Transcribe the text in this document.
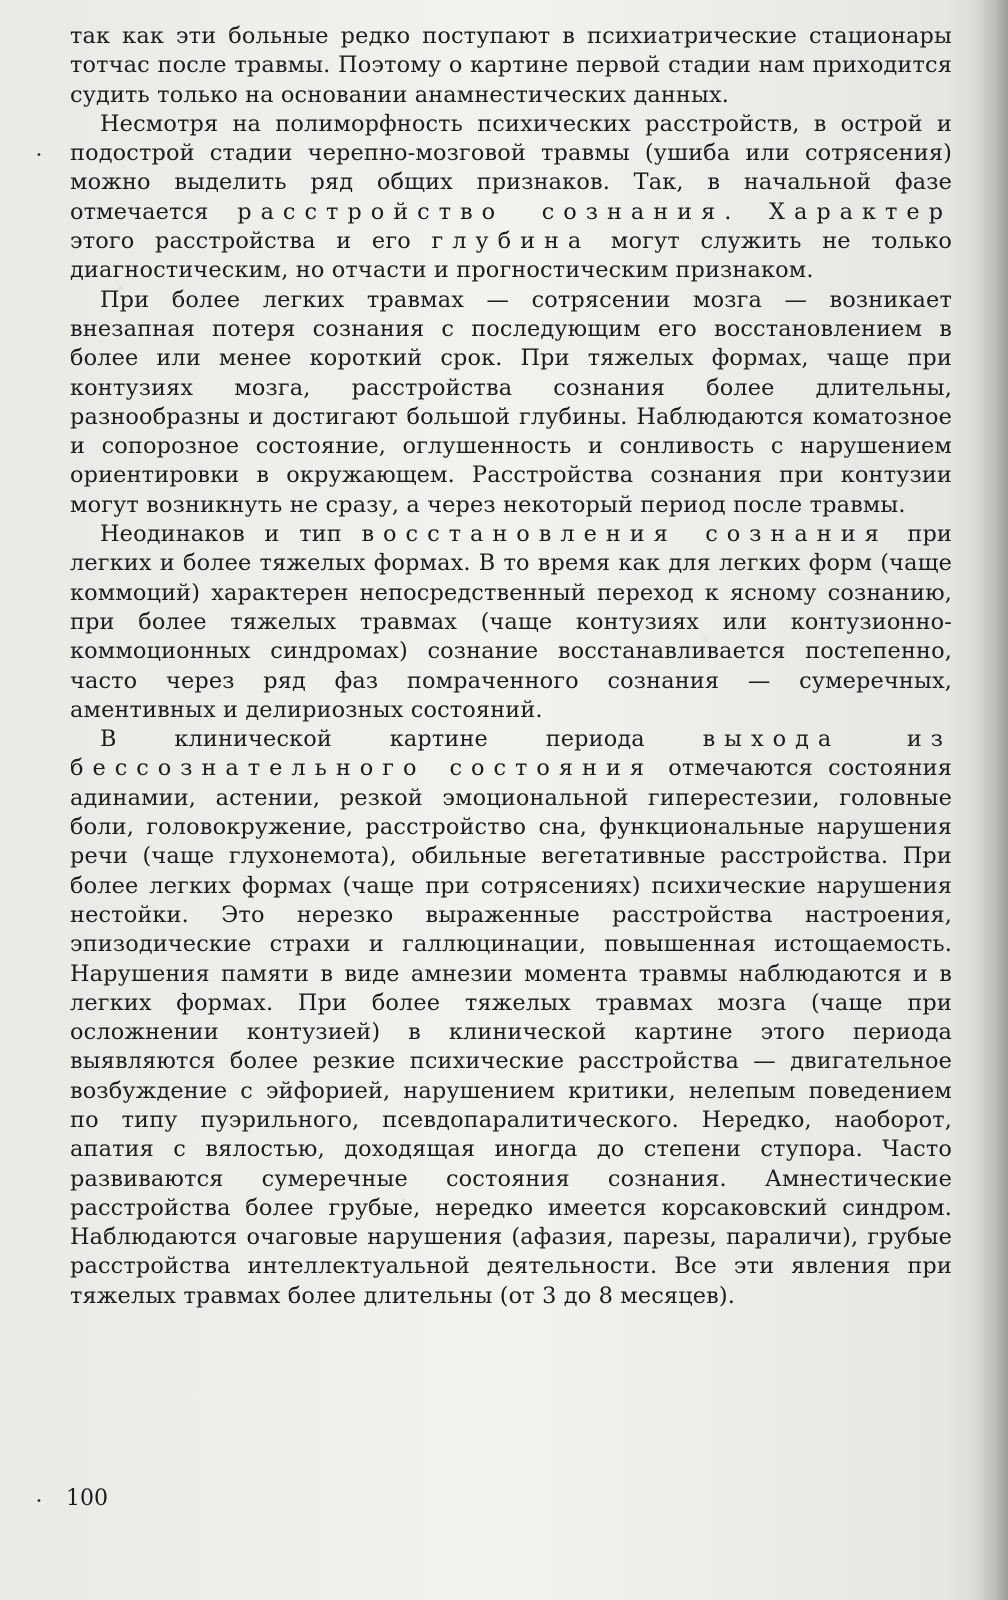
•

так как эти больные редко поступают в психиатрические стационары тотчас после травмы. Поэтому о картине первой стадии нам приходится судить только на основании анамнестических данных.

Несмотря на полиморфность психических расстройств, в острой и подострой стадии черепно-мозговой травмы (ушиба или сотрясения) можно выделить ряд общих признаков. Так, в начальной фазе отмечается расстройство сознания. Характер этого расстройства и его глубина могут служить не только диагностическим, но отчасти и прогностическим признаком.

При более легких травмах — сотрясении мозга — возникает внезапная потеря сознания с последующим его восстановлением в более или менее короткий срок. При тяжелых формах, чаще при контузиях мозга, расстройства сознания более длительны, разнообразны и достигают большой глубины. Наблюдаются коматозное и сопорозное состояние, оглушенность и сонливость с нарушением ориентировки в окружающем. Расстройства сознания при контузии могут возникнуть не сразу, а через некоторый период после травмы.

Неодинаков и тип восстановления сознания при легких и более тяжелых формах. В то время как для легких форм (чаще коммоций) характерен непосредственный переход к ясному сознанию, при более тяжелых травмах (чаще контузиях или контузионно-коммоционных синдромах) сознание восстанавливается постепенно, часто через ряд фаз помраченного сознания — сумеречных, аментивных и делириозных состояний.

В клинической картине периода выхода из бессознательного состояния отмечаются состояния адинамии, астении, резкой эмоциональной гиперестезии, головные боли, головокружение, расстройство сна, функциональные нарушения речи (чаще глухонемота), обильные вегетативные расстройства. При более легких формах (чаще при сотрясениях) психические нарушения нестойки. Это нерезко выраженные расстройства настроения, эпизодические страхи и галлюцинации, повышенная истощаемость. Нарушения памяти в виде амнезии момента травмы наблюдаются и в легких формах. При более тяжелых травмах мозга (чаще при осложнении контузией) в клинической картине этого периода выявляются более резкие психические расстройства — двигательное возбуждение с эйфорией, нарушением критики, нелепым поведением по типу пуэрильного, псевдопаралитического. Нередко, наоборот, апатия с вялостью, доходящая иногда до степени ступора. Часто развиваются сумеречные состояния сознания. Амнестические расстройства более грубые, нередко имеется корсаковский синдром. Наблюдаются очаговые нарушения (афазия, парезы, параличи), грубые расстройства интеллектуальной деятельности. Все эти явления при тяжелых травмах более длительны (от 3 до 8 месяцев).

• 100
